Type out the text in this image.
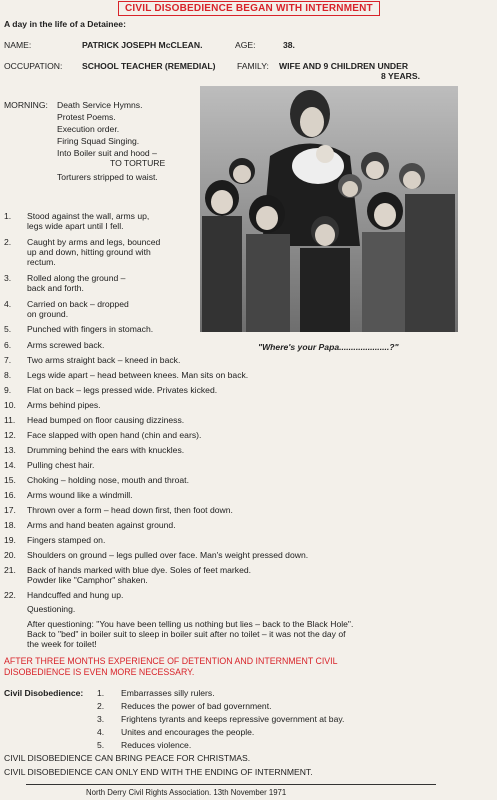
CIVIL DISOBEDIENCE BEGAN WITH INTERNMENT
A day in the life of a Detainee:
NAME:	PATRICK JOSEPH McCLEAN.	AGE:	38.
OCCUPATION: SCHOOL TEACHER (REMEDIAL) FAMILY: WIFE AND 9 CHILDREN UNDER
8 YEARS.
MORNING: Death Service Hymns.
Protest Poems.
Execution order.
Firing Squad Singing.
Into Boiler suit and hood –
TO TORTURE
Torturers stripped to waist.
"Where's your Papa.....................?"
1.	Stood against the wall, arms up,
legs wide apart until I fell.
2.	Caught by arms and legs, bounced
up and down, hitting ground with
rectum.
3.	Rolled along the ground –
back and forth.
4.	Carried on back – dropped
on ground.
5.	Punched with fingers in stomach.
6.	Arms screwed back.
7.	Two arms straight back – kneed in back.
8.	Legs wide apart – head between knees. Man sits on back.
9.	Flat on back – legs pressed wide. Privates kicked.
10. Arms behind pipes.
11.	Head bumped on floor causing dizziness.
12. Face slapped with open hand (chin and ears).
13. Drumming behind the ears with knuckles.
14. Pulling chest hair.
15. Choking – holding nose, mouth and throat.
16. Arms wound like a windmill.
17. Thrown over a form – head down first, then foot down.
18. Arms and hand beaten against ground.
19. Fingers stamped on.
20. Shoulders on ground – legs pulled over face. Man's weight pressed down.
21. Back of hands marked with blue dye. Soles of feet marked.
Powder like "Camphor" shaken.
22. Handcuffed and hung up.
Questioning.
After questioning: "You have been telling us nothing but lies – back to the Black Hole".
Back to "bed" in boiler suit to sleep in boiler suit after no toilet – it was not the day of
the week for toilet!
AFTER THREE MONTHS EXPERIENCE OF DETENTION AND INTERNMENT CIVIL
DISOBEDIENCE IS EVEN MORE NECESSARY.
Civil Disobedience: 1. Embarrasses silly rulers.
2. Reduces the power of bad government.
3. Frightens tyrants and keeps repressive government at bay.
4. Unites and encourages the people.
5. Reduces violence.
CIVIL DISOBEDIENCE CAN BRING PEACE FOR CHRISTMAS.
CIVIL DISOBEDIENCE CAN ONLY END WITH THE ENDING OF INTERNMENT.
North Derry Civil Rights Association. 13th November 1971
